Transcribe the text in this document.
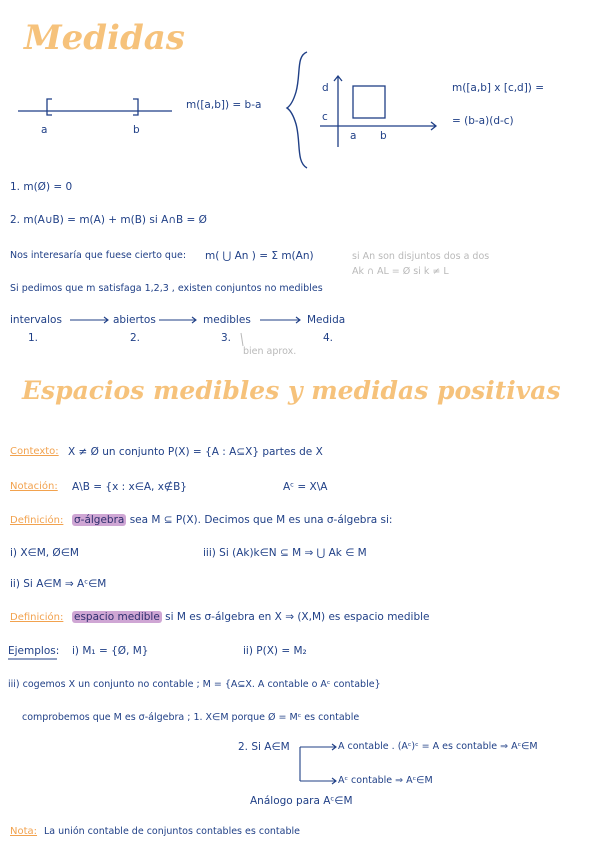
Medidas
a	b
m([a,b]) = b-a
d
c
a b
m([a,b] x [c,d]) =
= (b-a)(d-c)
1. m(Ø) = 0
2. m(A∪B) = m(A) + m(B) si A∩B = Ø
Nos interesaría que fuese cierto que: m( ⋃ An ) = Σ m(An)	si An son disjuntos dos a dos
Ak ∩ AL = Ø si k ≠ L
Si pedimos que m satisfaga 1,2,3 , existen conjuntos no medibles
intervalos	abiertos	medibles	Medida
1.	2.	3.	4.
bien aprox.
Espacios medibles y medidas positivas
Contexto: X ≠ Ø un conjunto P(X) = {A : A⊆X} partes de X
Notación: A\B = {x : x∈A, x∉B}	Aᶜ = X\A
Definición: σ-álgebra sea M ⊆ P(X). Decimos que M es una σ-álgebra si:
i) X∈M, Ø∈M	iii) Si (Ak)k∈N ⊆ M ⇒ ⋃ Ak ∈ M
ii) Si A∈M ⇒ Aᶜ∈M
Definición: espacio medible si M es σ-álgebra en X ⇒ (X,M) es espacio medible
Ejemplos: i) M₁ = {Ø, M}	ii) P(X) = M₂
iii) cogemos X un conjunto no contable ; M = {A⊆X. A contable o Aᶜ contable}
comprobemos que M es σ-álgebra ; 1. X∈M porque Ø = Mᶜ es contable
2. Si A∈M	A contable . (Aᶜ)ᶜ = A es contable ⇒ Aᶜ∈M
Aᶜ contable ⇒ Aᶜ∈M
Análogo para Aᶜ∈M
Nota: La unión contable de conjuntos contables es contable
